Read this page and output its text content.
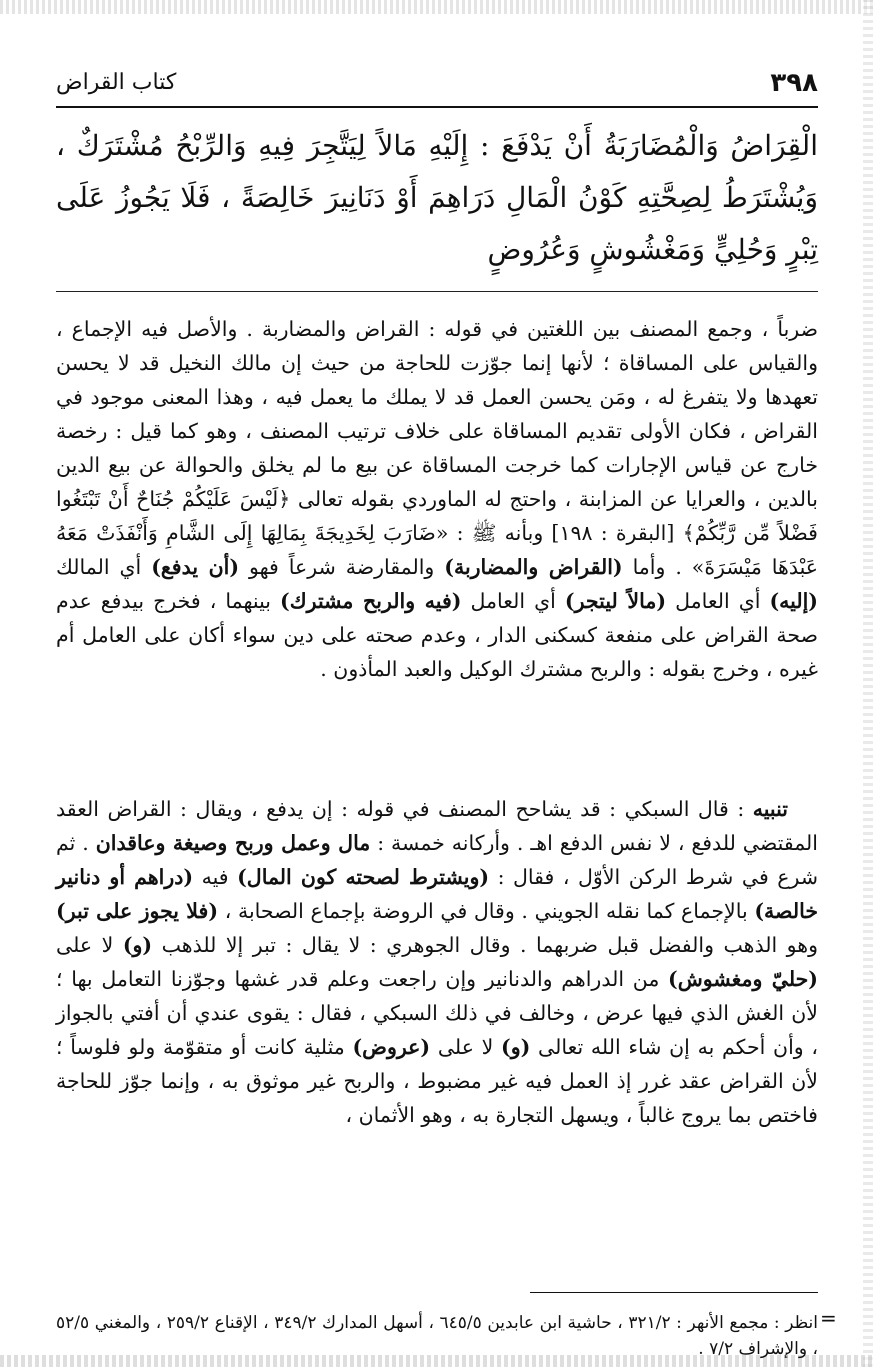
٣٩٨
كتاب القراض
الْقِرَاضُ وَالْمُضَارَبَةُ أَنْ يَدْفَعَ : إِلَيْهِ مَالاً لِيَتَّجِرَ فِيهِ وَالرِّبْحُ مُشْتَرَكٌ ، وَيُشْتَرَطُ لِصِحَّتِهِ كَوْنُ الْمَالِ دَرَاهِمَ أَوْ دَنَانِيرَ خَالِصَةً ، فَلَا يَجُوزُ عَلَى تِبْرٍ وَحُلِيٍّ وَمَغْشُوشٍ وَعُرُوضٍ
ضرباً ، وجمع المصنف بين اللغتين في قوله : القراض والمضاربة . والأصل فيه الإجماع ، والقياس على المساقاة ؛ لأنها إنما جوّزت للحاجة من حيث إن مالك النخيل قد لا يحسن تعهدها ولا يتفرغ له ، ومَن يحسن العمل قد لا يملك ما يعمل فيه ، وهذا المعنى موجود في القراض ، فكان الأولى تقديم المساقاة على خلاف ترتيب المصنف ، وهو كما قيل : رخصة خارج عن قياس الإجارات كما خرجت المساقاة عن بيع ما لم يخلق والحوالة عن بيع الدين بالدين ، والعرايا عن المزابنة ، واحتج له الماوردي بقوله تعالى ﴿لَيْسَ عَلَيْكُمْ جُنَاحٌ أَنْ تَبْتَغُوا فَضْلاً مِّن رَّبِّكُمْ﴾ [البقرة : ١٩٨] وبأنه ﷺ : «ضَارَبَ لِخَدِيجَةَ بِمَالِهَا إِلَى الشَّامِ وَأَنْفَذَتْ مَعَهُ عَبْدَهَا مَيْسَرَةَ» . وأما (القراض والمضاربة) والمقارضة شرعاً فهو (أن يدفع) أي المالك (إليه) أي العامل (مالاً ليتجر) أي العامل (فيه والربح مشترك) بينهما ، فخرج بيدفع عدم صحة القراض على منفعة كسكنى الدار ، وعدم صحته على دين سواء أكان على العامل أم غيره ، وخرج بقوله : والربح مشترك الوكيل والعبد المأذون .
تنبيه : قال السبكي : قد يشاحح المصنف في قوله : إن يدفع ، ويقال : القراض العقد المقتضي للدفع ، لا نفس الدفع اهـ . وأركانه خمسة : مال وعمل وربح وصيغة وعاقدان . ثم شرع في شرط الركن الأوّل ، فقال : (ويشترط لصحته كون المال) فيه (دراهم أو دنانير خالصة) بالإجماع كما نقله الجويني . وقال في الروضة بإجماع الصحابة ، (فلا يجوز على تبر) وهو الذهب والفضل قبل ضربهما . وقال الجوهري : لا يقال : تبر إلا للذهب (و) لا على (حليّ ومغشوش) من الدراهم والدنانير وإن راجعت وعلم قدر غشها وجوّزنا التعامل بها ؛ لأن الغش الذي فيها عرض ، وخالف في ذلك السبكي ، فقال : يقوى عندي أن أفتي بالجواز ، وأن أحكم به إن شاء الله تعالى (و) لا على (عروض) مثلية كانت أو متقوّمة ولو فلوساً ؛ لأن القراض عقد غرر إذ العمل فيه غير مضبوط ، والربح غير موثوق به ، وإنما جوّز للحاجة فاختص بما يروج غالباً ، ويسهل التجارة به ، وهو الأثمان ،
=
انظر : مجمع الأنهر : ٣٢١/٢ ، حاشية ابن عابدين ٦٤٥/٥ ، أسهل المدارك ٣٤٩/٢ ، الإقناع ٢٥٩/٢ ، والمغني ٥٢/٥ ، والإشراف ٧/٢ .
